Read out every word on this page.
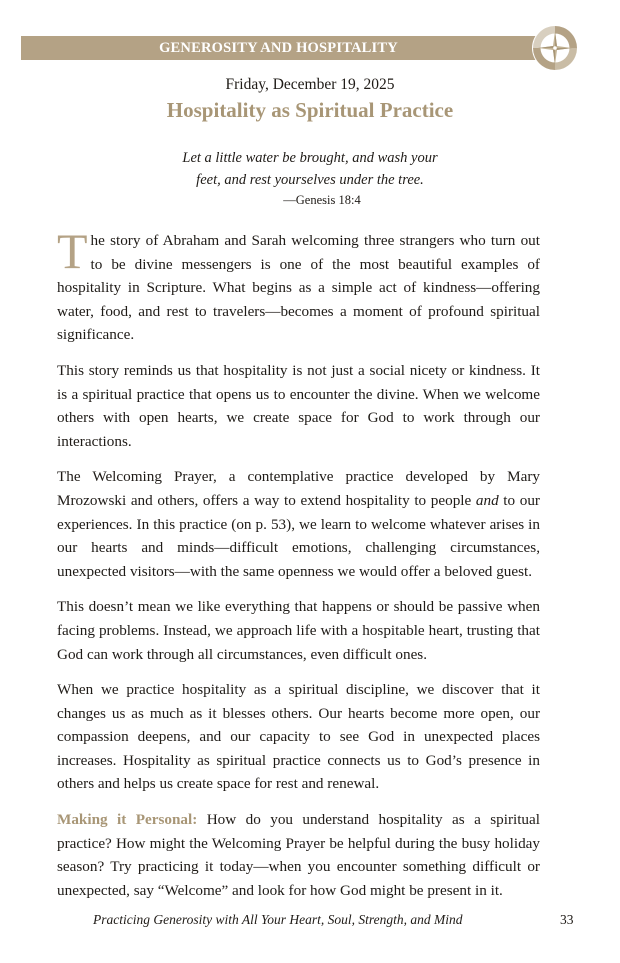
GENEROSITY AND HOSPITALITY
Friday, December 19, 2025
Hospitality as Spiritual Practice
Let a little water be brought, and wash your
feet, and rest yourselves under the tree.
—Genesis 18:4

The story of Abraham and Sarah welcoming three strangers who turn out to be divine messengers is one of the most beautiful examples of hospitality in Scripture. What begins as a simple act of kindness—offering water, food, and rest to travelers—becomes a moment of profound spiritual significance.

This story reminds us that hospitality is not just a social nicety or kindness. It is a spiritual practice that opens us to encounter the divine. When we welcome others with open hearts, we create space for God to work through our interactions.

The Welcoming Prayer, a contemplative practice developed by Mary Mrozowski and others, offers a way to extend hospitality to people and to our experiences. In this practice (on p. 53), we learn to welcome whatever arises in our hearts and minds—difficult emotions, challenging circumstances, unexpected visitors—with the same openness we would offer a beloved guest.

This doesn’t mean we like everything that happens or should be passive when facing problems. Instead, we approach life with a hospitable heart, trusting that God can work through all circumstances, even difficult ones.

When we practice hospitality as a spiritual discipline, we discover that it changes us as much as it blesses others. Our hearts become more open, our compassion deepens, and our capacity to see God in unexpected places increases. Hospitality as spiritual practice connects us to God’s presence in others and helps us create space for rest and renewal.

Making it Personal: How do you understand hospitality as a spiritual practice? How might the Welcoming Prayer be helpful during the busy holiday season? Try practicing it today—when you encounter something difficult or unexpected, say “Welcome” and look for how God might be present in it.

Practicing Generosity with All Your Heart, Soul, Strength, and Mind	33
